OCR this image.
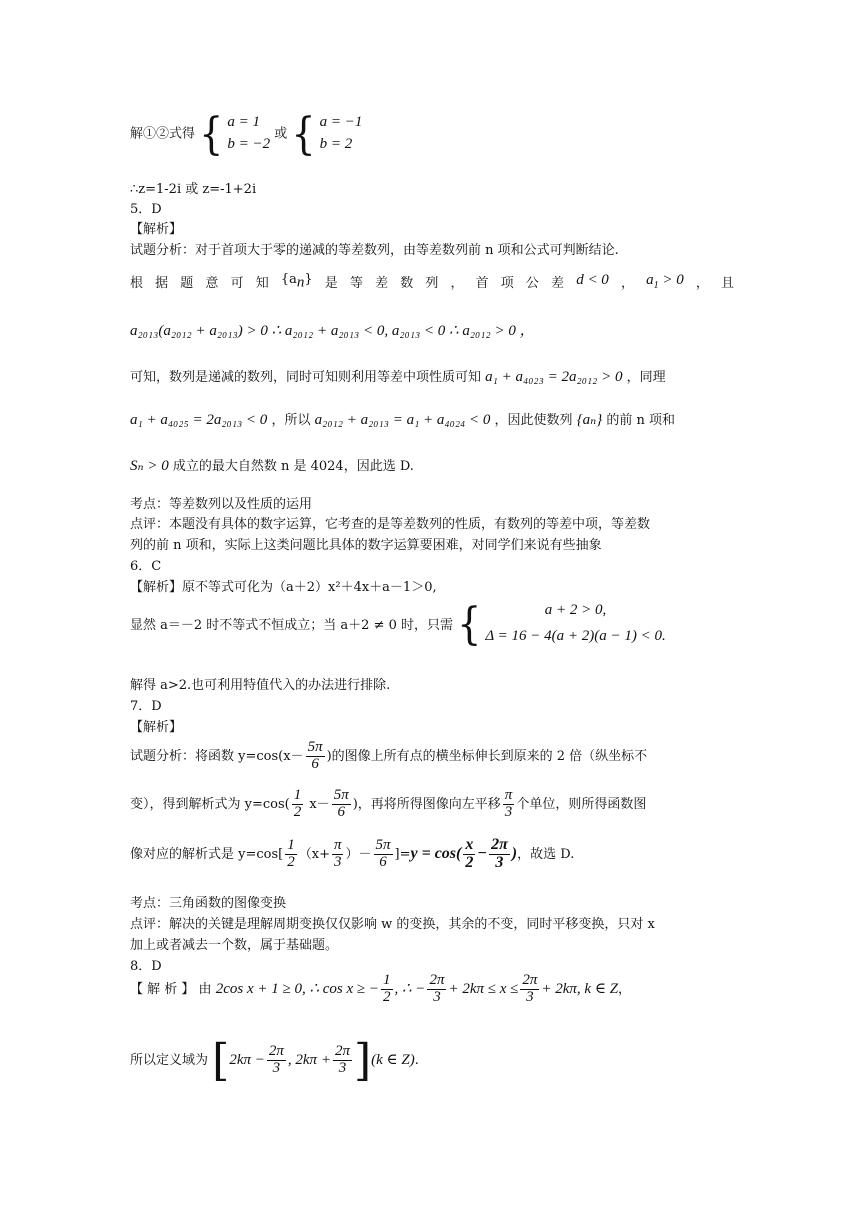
解①②式得 { a = 1
b = −2
或 { a = −1
b = 2
∴z=1-2i 或 z=-1+2i
5．D
【解析】
试题分析：对于首项大于零的递减的等差数列，由等差数列前 n 项和公式可判断结论.
根 据 题 意 可 知 $\{a_n\}$ 是 等 差 数 列 ， 首 项 公 差 d < 0 ， $a_1 > 0$ ， 且
a₂₀₁₃(a₂₀₁₂ + a₂₀₁₃) > 0 ∴ a₂₀₁₂ + a₂₀₁₃ < 0, a₂₀₁₃ < 0 ∴ a₂₀₁₂ > 0 ，
可知，数列是递减的数列，同时可知则利用等差中项性质可知 a₁ + a₄₀₂₃ = 2a₂₀₁₂ > 0 ，同理
a₁ + a₄₀₂₅ = 2a₂₀₁₃ < 0 ，所以 a₂₀₁₂ + a₂₀₁₃ = a₁ + a₄₀₂₄ < 0 ，因此使数列 {aₙ} 的前 n 项和
Sₙ > 0 成立的最大自然数 n 是 4024，因此选 D.
考点：等差数列以及性质的运用
点评：本题没有具体的数字运算，它考查的是等差数列的性质，有数列的等差中项，等差数
列的前 n 项和，实际上这类问题比具体的数字运算要困难，对同学们来说有些抽象
6．C
【解析】原不等式可化为（a＋2）x²＋4x＋a－1＞0,
显然 a＝－2 时不等式不恒成立；当 a＋2 ≠ 0 时，只需 {	a + 2 > 0,
Δ = 16 − 4(a + 2)(a − 1) < 0.
解得 a>2.也可利用特值代入的办法进行排除.
7．D
【解析】
试题分析：将函数 $y=\cos(x- \frac{5\pi}{6}$ )的图像上所有点的横坐标伸长到原来的 2 倍（纵坐标不
变），得到解析式为 $y=\cos( \frac{1}{2} x- \frac{5\pi}{6}$ )，再将所得图像向左平移 $\frac{\pi}{3}$ 个单位，则所得函数图
像对应的解析式是 $y=\cos[ \frac{1}{2} (x+ \frac{\pi}{3}$ ）－ $\frac{5\pi}{6} ]=y = \cos( \frac{x}{2} - \frac{2\pi}{3}$ )，故选 D.
考点：三角函数的图像变换
点评：解决的关键是理解周期变换仅仅影响 w 的变换，其余的不变，同时平移变换，只对 x
加上或者减去一个数，属于基础题。
8．D
【 解 析 】 由 2cos x + 1 ≥ 0, ∴ cos x ≥ − $\frac{1}{2}$ , ∴ − $\frac{2\pi}{3} + 2k\pi \le x \le \frac{2\pi}{3} + 2k\pi$, k ∈ Z，
所以定义域为 [$2k\pi - \frac{2\pi}{3}$ , $2k\pi + \frac{2\pi}{3} ](k$ ∈ Z).
